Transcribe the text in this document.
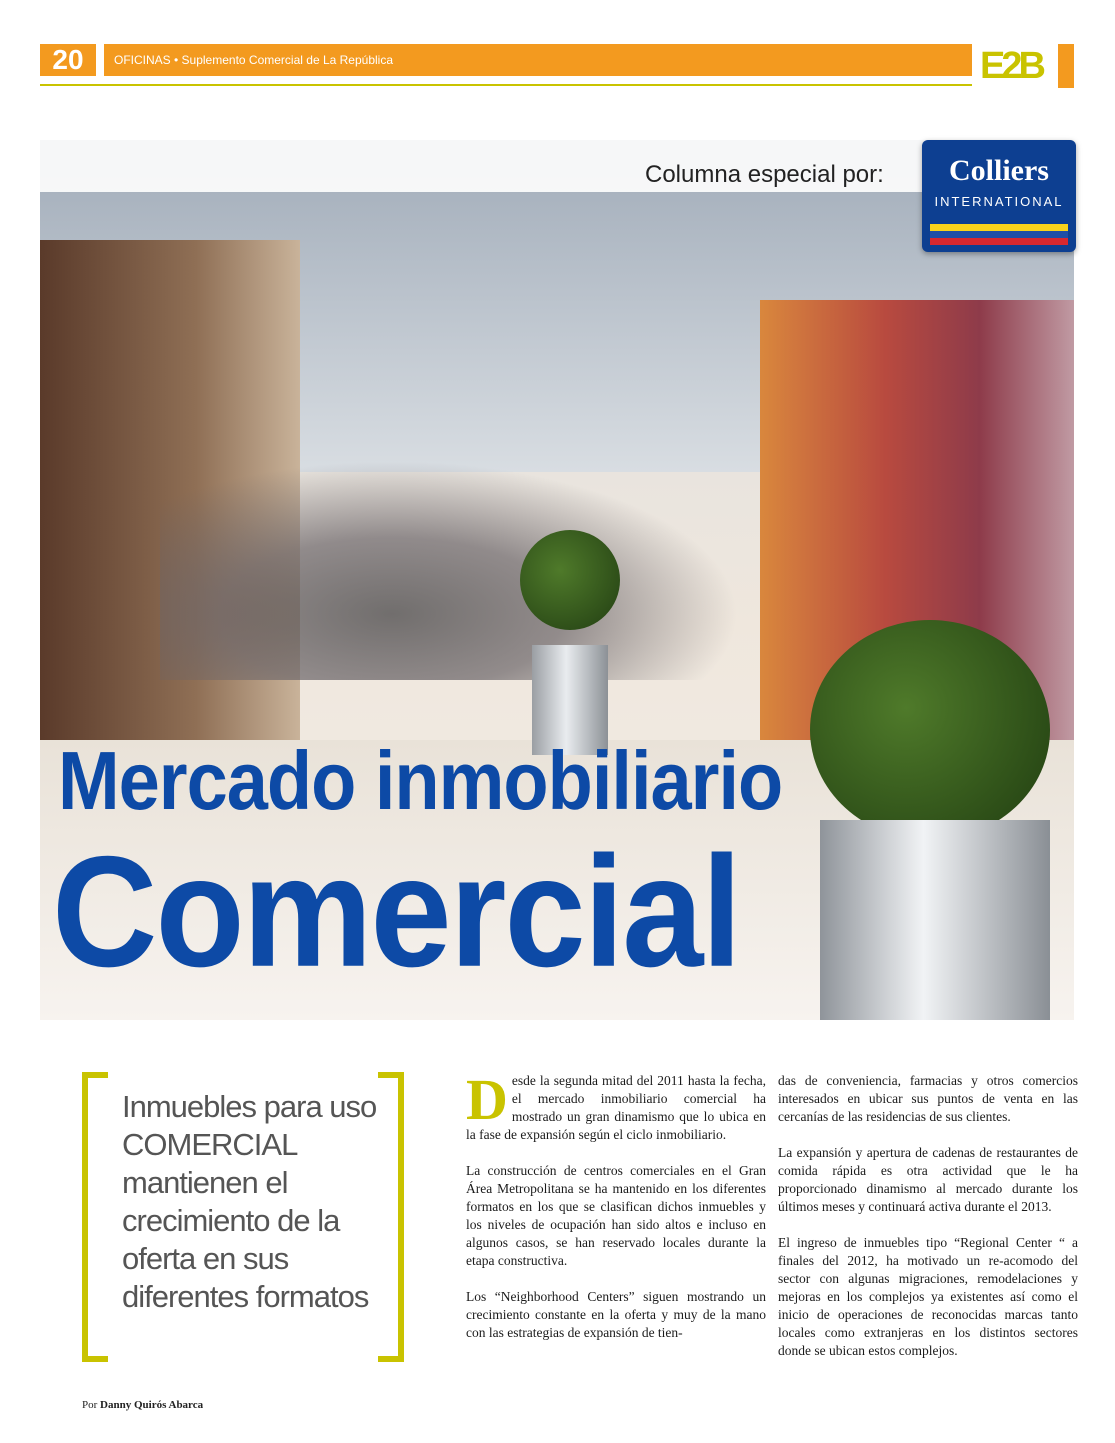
20	OFICINAS • Suplemento Comercial de La República	E2B
Columna especial por:	Colliers
INTERNATIONAL
Mercado inmobiliario
Comercial

Inmuebles para uso COMERCIAL mantienen el crecimiento de la oferta en sus diferentes formatos

Por Danny Quirós Abarca

Desde la segunda mitad del 2011 hasta la fecha, el mercado inmobiliario comercial ha mostrado un gran dinamismo que lo ubica en la fase de expansión según el ciclo inmobiliario.

La construcción de centros comerciales en el Gran Área Metropolitana se ha mantenido en los diferentes formatos en los que se clasifican dichos inmuebles y los niveles de ocupación han sido altos e incluso en algunos casos, se han reservado locales durante la etapa constructiva.

Los “Neighborhood Centers” siguen mostrando un crecimiento constante en la oferta y muy de la mano con las estrategias de expansión de tien-

das de conveniencia, farmacias y otros comercios interesados en ubicar sus puntos de venta en las cercanías de las residencias de sus clientes.

La expansión y apertura de cadenas de restaurantes de comida rápida es otra actividad que le ha proporcionado dinamismo al mercado durante los últimos meses y continuará activa durante el 2013.

El ingreso de inmuebles tipo “Regional Center “ a finales del 2012, ha motivado un re-acomodo del sector con algunas migraciones, remodelaciones y mejoras en los complejos ya existentes así como el inicio de operaciones de reconocidas marcas tanto locales como extranjeras en los distintos sectores donde se ubican estos complejos.
